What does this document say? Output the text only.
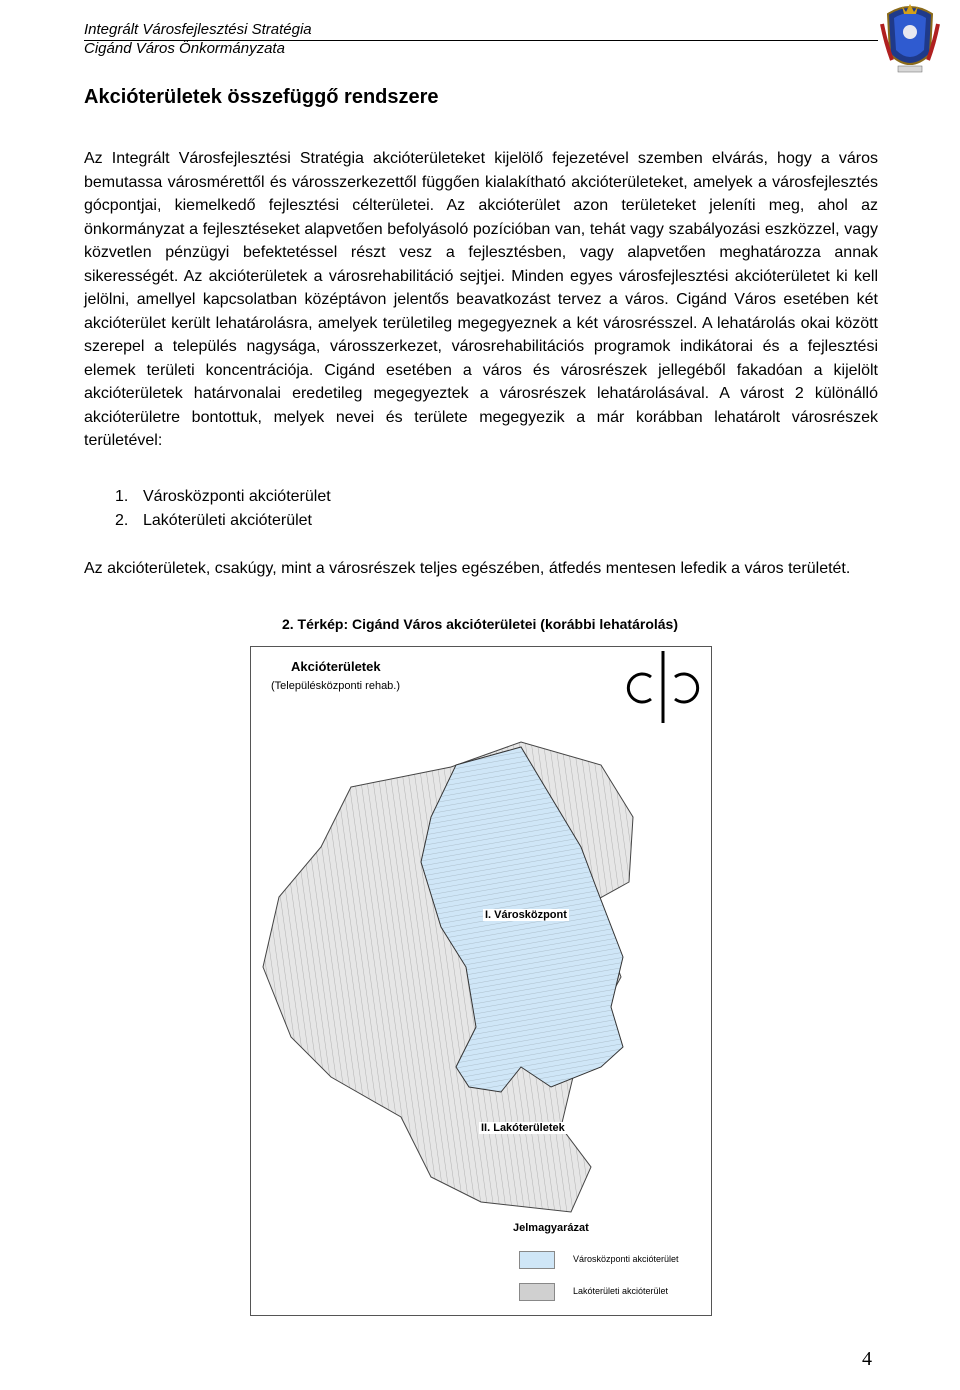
Integrált Városfejlesztési Stratégia
Cigánd Város Önkormányzata
Akcióterületek összefüggő rendszere

Az Integrált Városfejlesztési Stratégia akcióterületeket kijelölő fejezetével szemben elvárás, hogy a város bemutassa városmérettől és városszerkezettől függően kialakítható akcióterületeket, amelyek a városfejlesztés gócpontjai, kiemelkedő fejlesztési célterületei. Az akcióterület azon területeket jeleníti meg, ahol az önkormányzat a fejlesztéseket alapvetően befolyásoló pozícióban van, tehát vagy szabályozási eszközzel, vagy közvetlen pénzügyi befektetéssel részt vesz a fejlesztésben, vagy alapvetően meghatározza annak sikerességét. Az akcióterületek a városrehabilitáció sejtjei. Minden egyes városfejlesztési akcióterületet ki kell jelölni, amellyel kapcsolatban középtávon jelentős beavatkozást tervez a város. Cigánd Város esetében két akcióterület került lehatárolásra, amelyek területileg megegyeznek a két városrésszel. A lehatárolás okai között szerepel a település nagysága, városszerkezet, városrehabilitációs programok indikátorai és a fejlesztési elemek területi koncentrációja. Cigánd esetében a város és városrészek jellegéből fakadóan a kijelölt akcióterületek határvonalai eredetileg megegyeztek a városrészek lehatárolásával. A várost 2 különálló akcióterületre bontottuk, melyek nevei és területe megegyezik a már korábban lehatárolt városrészek területével:

1. Városközponti akcióterület
2. Lakóterületi akcióterület

Az akcióterületek, csakúgy, mint a városrészek teljes egészében, átfedés mentesen lefedik a város területét.

2. Térkép: Cigánd Város akcióterületei (korábbi lehatárolás)
Akcióterületek
(Településközponti rehab.)
I. Városközpont
II. Lakóterületek
Jelmagyarázat
Városközponti akcióterület
Lakóterületi akcióterület
4
